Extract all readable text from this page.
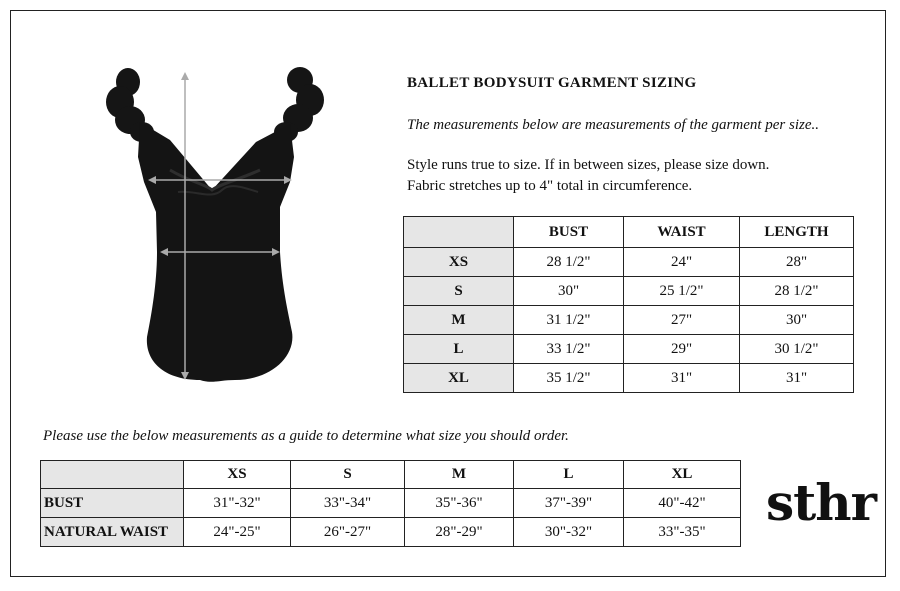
BALLET BODYSUIT GARMENT SIZING

The measurements below are measurements of the garment per size..

Style runs true to size. If in between sizes, please size down.

Fabric stretches up to 4" total in circumference.

	BUST	WAIST	LENGTH
XS	28 1/2"	24"	28"
S	30"	25 1/2"	28 1/2"
M	31 1/2"	27"	30"
L	33 1/2"	29"	30 1/2"
XL	35 1/2"	31"	31"

Please use the below measurements as a guide to determine what size you should order.

	XS	S	M	L	XL
BUST	31"-32"	33"-34"	35"-36"	37"-39"	40"-42"
NATURAL WAIST	24"-25"	26"-27"	28"-29"	30"-32"	33"-35" sthr
